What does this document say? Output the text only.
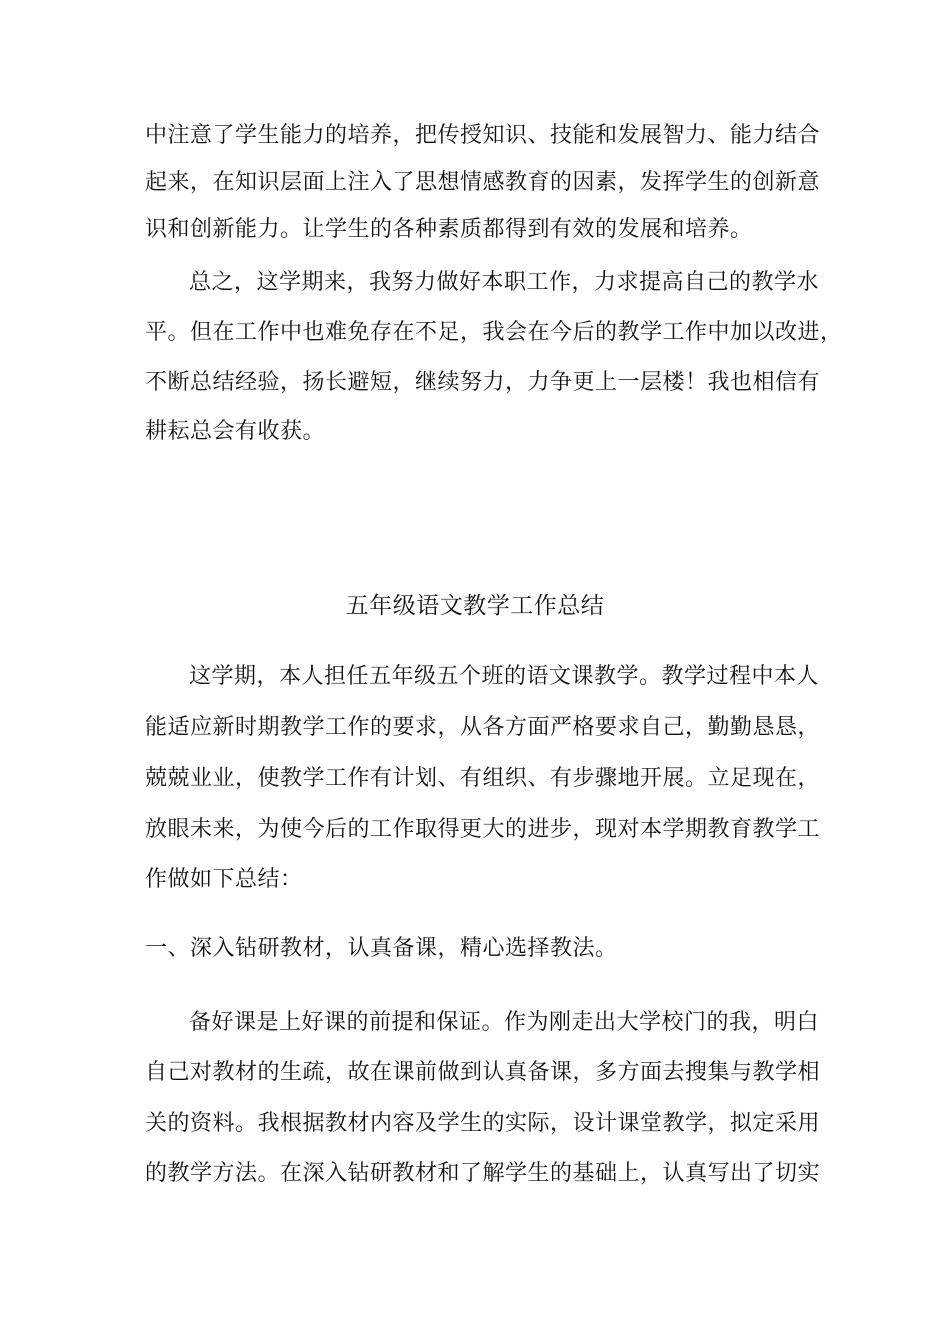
中注意了学生能力的培养，把传授知识、技能和发展智力、能力结合
起来，在知识层面上注入了思想情感教育的因素，发挥学生的创新意
识和创新能力。让学生的各种素质都得到有效的发展和培养。
总之，这学期来，我努力做好本职工作，力求提高自己的教学水
平。但在工作中也难免存在不足，我会在今后的教学工作中加以改进，
不断总结经验，扬长避短，继续努力，力争更上一层楼！我也相信有
耕耘总会有收获。
五年级语文教学工作总结
这学期，本人担任五年级五个班的语文课教学。教学过程中本人
能适应新时期教学工作的要求，从各方面严格要求自己，勤勤恳恳，
兢兢业业，使教学工作有计划、有组织、有步骤地开展。立足现在，
放眼未来，为使今后的工作取得更大的进步，现对本学期教育教学工
作做如下总结：
一、深入钻研教材，认真备课，精心选择教法。
备好课是上好课的前提和保证。作为刚走出大学校门的我，明白
自己对教材的生疏，故在课前做到认真备课，多方面去搜集与教学相
关的资料。我根据教材内容及学生的实际，设计课堂教学，拟定采用
的教学方法。在深入钻研教材和了解学生的基础上，认真写出了切实
